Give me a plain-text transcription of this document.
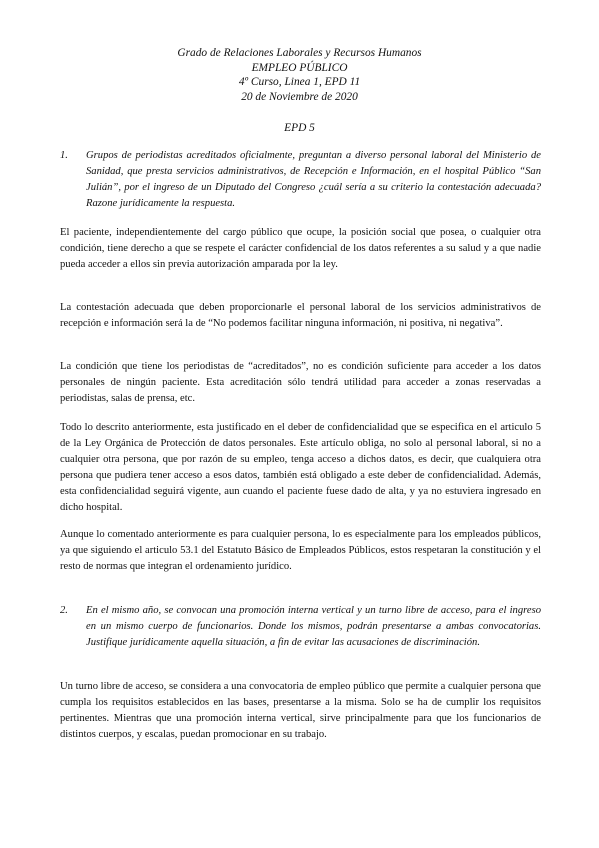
Grado de Relaciones Laborales y Recursos Humanos
EMPLEO PÚBLICO
4º Curso, Linea 1, EPD 11
20 de Noviembre de 2020
EPD 5
1. Grupos de periodistas acreditados oficialmente, preguntan a diverso personal laboral del Ministerio de Sanidad, que presta servicios administrativos, de Recepción e Información, en el hospital Público “San Julián”, por el ingreso de un Diputado del Congreso ¿cuál sería a su criterio la contestación adecuada? Razone jurídicamente la respuesta.

El paciente, independientemente del cargo público que ocupe, la posición social que posea, o cualquier otra condición, tiene derecho a que se respete el carácter confidencial de los datos referentes a su salud y a que nadie pueda acceder a ellos sin previa autorización amparada por la ley.

La contestación adecuada que deben proporcionarle el personal laboral de los servicios administrativos de recepción e información será la de “No podemos facilitar ninguna información, ni positiva, ni negativa”.

La condición que tiene los periodistas de “acreditados”, no es condición suficiente para acceder a los datos personales de ningún paciente. Esta acreditación sólo tendrá utilidad para acceder a zonas reservadas a periodistas, salas de prensa, etc.

Todo lo descrito anteriormente, esta justificado en el deber de confidencialidad que se especifica en el articulo 5 de la Ley Orgánica de Protección de datos personales. Este artículo obliga, no solo al personal laboral, si no a cualquier otra persona, que por razón de su empleo, tenga acceso a dichos datos, es decir, que cualquiera otra persona que pudiera tener acceso a esos datos, también está obligado a este deber de confidencialidad. Además, esta confidencialidad seguirá vigente, aun cuando el paciente fuese dado de alta, y ya no estuviera ingresado en dicho hospital.

Aunque lo comentado anteriormente es para cualquier persona, lo es especialmente para los empleados públicos, ya que siguiendo el articulo 53.1 del Estatuto Básico de Empleados Públicos, estos respetaran la constitución y el resto de normas que integran el ordenamiento jurídico.

2. En el mismo año, se convocan una promoción interna vertical y un turno libre de acceso, para el ingreso en un mismo cuerpo de funcionarios. Donde los mismos, podrán presentarse a ambas convocatorias. Justifique jurídicamente aquella situación, a fin de evitar las acusaciones de discriminación.

Un turno libre de acceso, se considera a una convocatoria de empleo público que permite a cualquier persona que cumpla los requisitos establecidos en las bases, presentarse a la misma. Solo se ha de cumplir los requisitos pertinentes. Mientras que una promoción interna vertical, sirve principalmente para que los funcionarios de distintos cuerpos, y escalas, puedan promocionar en su trabajo.
